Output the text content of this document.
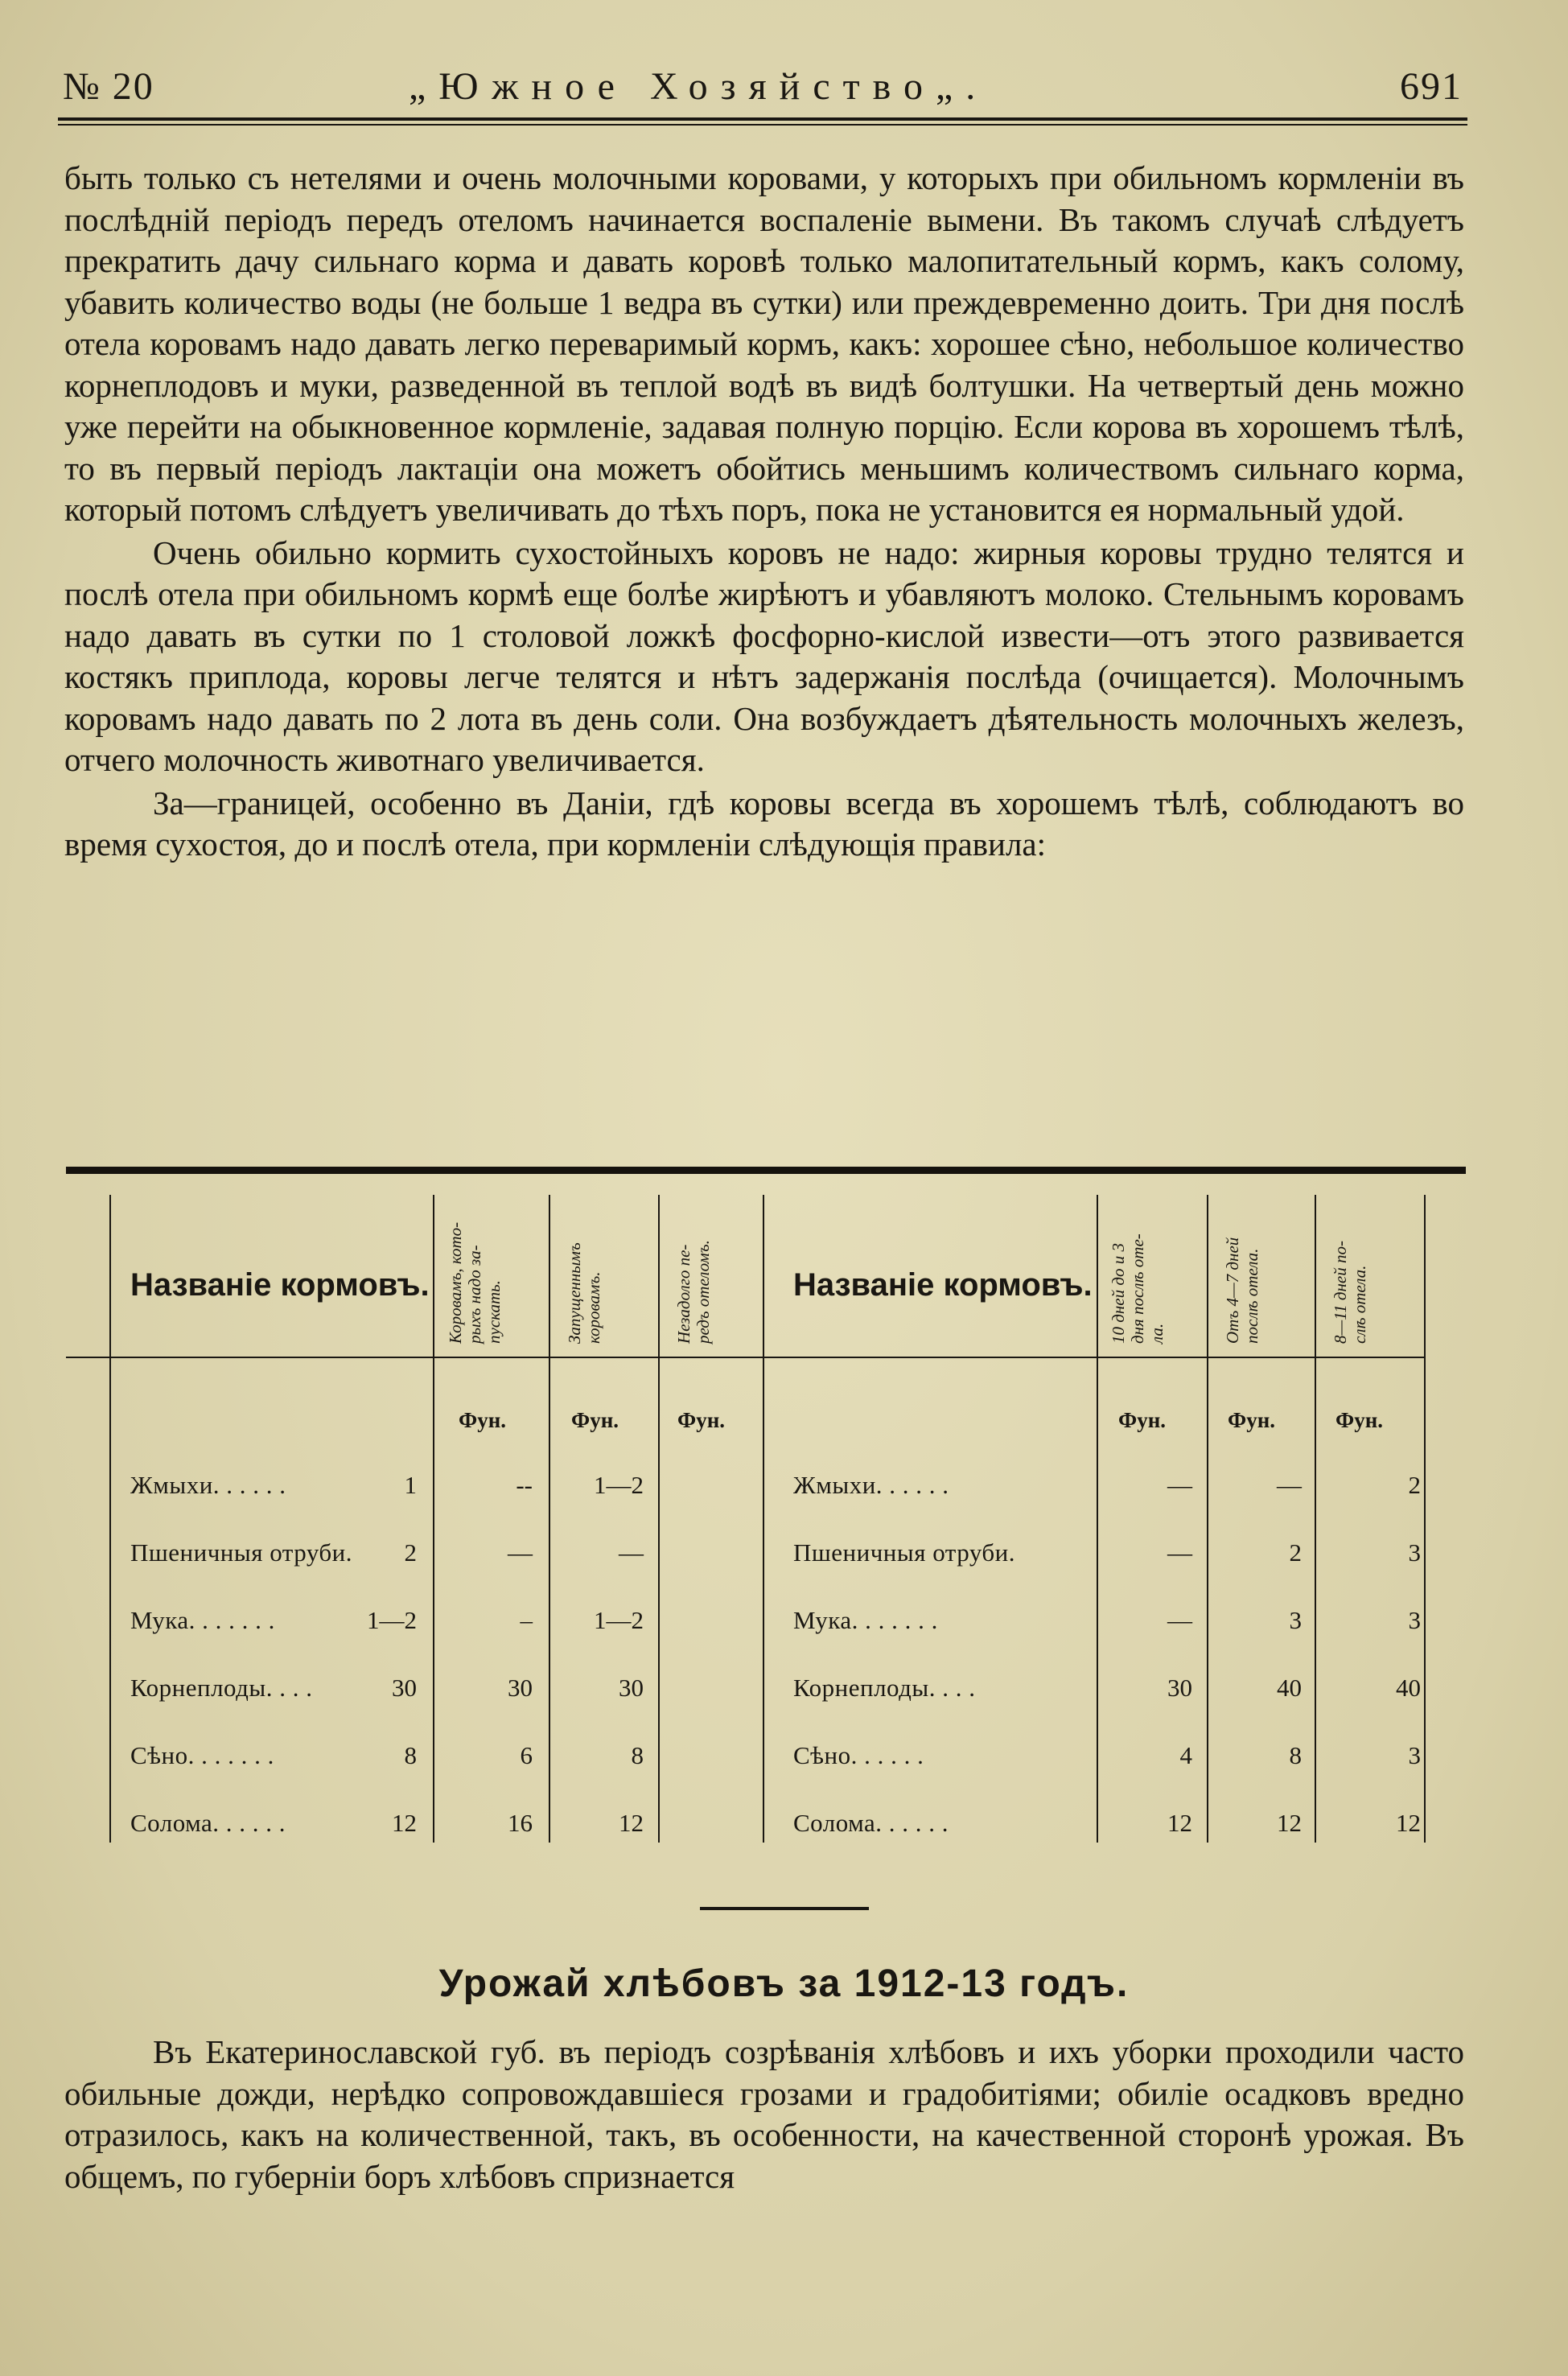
№ 20	„Южное Хозяйство„.	691

быть только съ нетелями и очень молочными коровами, у которыхъ при обильномъ кормленіи въ послѣдній періодъ передъ отеломъ начинается воспаленіе вымени. Въ такомъ случаѣ слѣдуетъ прекратить дачу сильнаго корма и давать коровѣ только малопитательный кормъ, какъ солому, убавить количество воды (не больше 1 ведра въ сутки) или преждевременно доить. Три дня послѣ отела коровамъ надо давать легко переваримый кормъ, какъ: хорошее сѣно, небольшое количество корнеплодовъ и муки, разведенной въ теплой водѣ въ видѣ болтушки. На четвертый день можно уже перейти на обыкновенное кормленіе, задавая полную порцію. Если корова въ хорошемъ тѣлѣ, то въ первый періодъ лактаціи она можетъ обойтись меньшимъ количествомъ сильнаго корма, который потомъ слѣдуетъ увеличивать до тѣхъ поръ, пока не установится ея нормальный удой.

Очень обильно кормить сухостойныхъ коровъ не надо: жирныя коровы трудно телятся и послѣ отела при обильномъ кормѣ еще болѣе жирѣютъ и убавляютъ молоко. Стельнымъ коровамъ надо давать въ сутки по 1 столовой ложкѣ фосфорно-кислой извести—отъ этого развивается костякъ приплода, коровы легче телятся и нѣтъ задержанія послѣда (очищается). Молочнымъ коровамъ надо давать по 2 лота въ день соли. Она возбуждаетъ дѣятельность молочныхъ железъ, отчего молочность животнаго увеличивается.

За—границей, особенно въ Даніи, гдѣ коровы всегда въ хорошемъ тѣлѣ, соблюдаютъ во время сухостоя, до и послѣ отела, при кормленіи слѣдующія правила:

Названіе кормовъ. Коровамъ, кото- рыхъ надо за- пускать.	Запущеннымъ коровамъ.	Незадолго пе- редъ отеломъ.	Названіе кормовъ. 10 дней до и 3 дня послѣ оте- ла.	Отъ 4—7 дней послѣ отела.	8—11 дней по- слѣ отела.
Фун.	Фун.	Фун.	Фун.	Фун.	Фун.
Жмыхи. . . . . .	1	--	1—2	Жмыхи. . . . . .	—	—	2
Пшеничныя отруби.	2	—	—	Пшеничныя отруби.	—	2	3
Мука. . . . . . .	1—2	–	1—2	Мука. . . . . . .	—	3	3
Корнеплоды. . . .	30	30	30	Корнеплоды. . . .	30	40	40
Сѣно. . . . . . .	8	6	8	Сѣно. . . . . .	4	8	3
Солома. . . . . .	12	16	12	Солома. . . . . .	12	12	12
Урожай хлѣбовъ за 1912-13 годъ.

Въ Екатеринославской губ. въ періодъ созрѣванія хлѣбовъ и ихъ уборки проходили часто обильные дожди, нерѣдко сопровождавшіеся грозами и градобитіями; обиліе осадковъ вредно отразилось, какъ на количественной, такъ, въ особенности, на качественной сторонѣ урожая. Въ общемъ, по губерніи боръ хлѣбовъ спризнается
